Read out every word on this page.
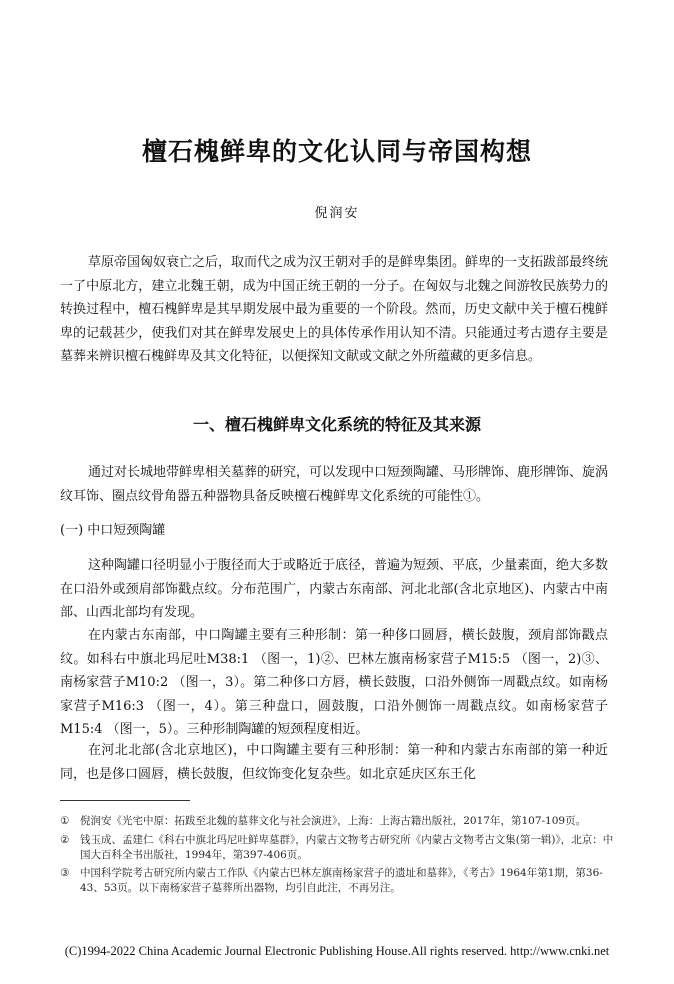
檀石槐鲜卑的文化认同与帝国构想
倪润安
草原帝国匈奴衰亡之后，取而代之成为汉王朝对手的是鲜卑集团。鲜卑的一支拓跋部最终统一了中原北方，建立北魏王朝，成为中国正统王朝的一分子。在匈奴与北魏之间游牧民族势力的转换过程中，檀石槐鲜卑是其早期发展中最为重要的一个阶段。然而，历史文献中关于檀石槐鲜卑的记载甚少，使我们对其在鲜卑发展史上的具体传承作用认知不清。只能通过考古遗存主要是墓葬来辨识檀石槐鲜卑及其文化特征，以便探知文献或文献之外所蕴藏的更多信息。
一、檀石槐鲜卑文化系统的特征及其来源
通过对长城地带鲜卑相关墓葬的研究，可以发现中口短颈陶罐、马形牌饰、鹿形牌饰、旋涡纹耳饰、圈点纹骨角器五种器物具备反映檀石槐鲜卑文化系统的可能性①。
(一) 中口短颈陶罐
这种陶罐口径明显小于腹径而大于或略近于底径，普遍为短颈、平底，少量素面，绝大多数在口沿外或颈肩部饰戳点纹。分布范围广，内蒙古东南部、河北北部(含北京地区)、内蒙古中南部、山西北部均有发现。
在内蒙古东南部，中口陶罐主要有三种形制：第一种侈口圆唇，横长鼓腹，颈肩部饰戳点纹。如科右中旗北玛尼吐M38:1 （图一，1)②、巴林左旗南杨家营子M15:5 （图一，2)③、南杨家营子M10:2 （图一，3）。第二种侈口方唇，横长鼓腹，口沿外侧饰一周戳点纹。如南杨家营子M16:3 （图一，4）。第三种盘口，圆鼓腹，口沿外侧饰一周戳点纹。如南杨家营子M15:4 （图一，5）。三种形制陶罐的短颈程度相近。
在河北北部(含北京地区)，中口陶罐主要有三种形制：第一种和内蒙古东南部的第一种近同，也是侈口圆唇，横长鼓腹，但纹饰变化复杂些。如北京延庆区东王化
①	倪润安《光宅中原：拓跋至北魏的墓葬文化与社会演进》，上海：上海古籍出版社，2017年，第107-109页。
②	钱玉成、孟建仁《科右中旗北玛尼吐鲜卑墓群》，内蒙古文物考古研究所《内蒙古文物考古文集(第一辑)》，北京：中国大百科全书出版社，1994年，第397-406页。
③	中国科学院考古研究所内蒙古工作队《内蒙古巴林左旗南杨家营子的遗址和墓葬》，《考古》1964年第1期，第36-43、53页。以下南杨家营子墓葬所出器物，均引自此注，不再另注。
(C)1994-2022 China Academic Journal Electronic Publishing House.All rights reserved. http://www.cnki.net
